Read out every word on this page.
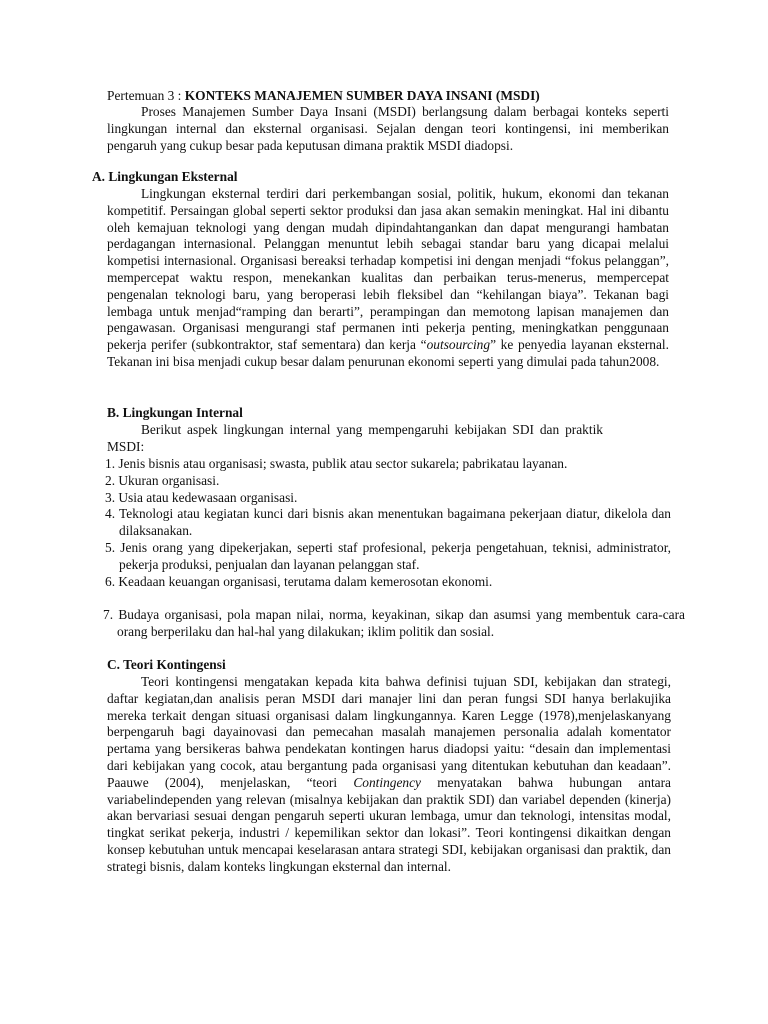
Pertemuan 3 : KONTEKS MANAJEMEN SUMBER DAYA INSANI (MSDI)

Proses Manajemen Sumber Daya Insani (MSDI) berlangsung dalam berbagai konteks seperti lingkungan internal dan eksternal organisasi. Sejalan dengan teori kontingensi, ini memberikan pengaruh yang cukup besar pada keputusan dimana praktik MSDI diadopsi.

A. Lingkungan Eksternal

Lingkungan eksternal terdiri dari perkembangan sosial, politik, hukum, ekonomi dan tekanan kompetitif. Persaingan global seperti sektor produksi dan jasa akan semakin meningkat. Hal ini dibantu oleh kemajuan teknologi yang dengan mudah dipindahtangankan dan dapat mengurangi hambatan perdagangan internasional. Pelanggan menuntut lebih sebagai standar baru yang dicapai melalui kompetisi internasional. Organisasi bereaksi terhadap kompetisi ini dengan menjadi “fokus pelanggan”, mempercepat waktu respon, menekankan kualitas dan perbaikan terus-menerus, mempercepat pengenalan teknologi baru, yang beroperasi lebih fleksibel dan “kehilangan biaya”. Tekanan bagi lembaga untuk menjad“ramping dan berarti”, perampingan dan memotong lapisan manajemen dan pengawasan. Organisasi mengurangi staf permanen inti pekerja penting, meningkatkan penggunaan pekerja perifer (subkontraktor, staf sementara) dan kerja “outsourcing” ke penyedia layanan eksternal. Tekanan ini bisa menjadi cukup besar dalam penurunan ekonomi seperti yang dimulai pada tahun2008.

B. Lingkungan Internal

Berikut aspek lingkungan internal yang mempengaruhi kebijakan SDI dan praktik MSDI:

1. Jenis bisnis atau organisasi; swasta, publik atau sector sukarela; pabrikatau layanan.
2. Ukuran organisasi.
3. Usia atau kedewasaan organisasi.
4. Teknologi atau kegiatan kunci dari bisnis akan menentukan bagaimana pekerjaan diatur, dikelola dan dilaksanakan.
5. Jenis orang yang dipekerjakan, seperti staf profesional, pekerja pengetahuan, teknisi, administrator, pekerja produksi, penjualan dan layanan pelanggan staf.
6. Keadaan keuangan organisasi, terutama dalam kemerosotan ekonomi.

7. Budaya organisasi, pola mapan nilai, norma, keyakinan, sikap dan asumsi yang membentuk cara-cara orang berperilaku dan hal-hal yang dilakukan; iklim politik dan sosial.

C. Teori Kontingensi

Teori kontingensi mengatakan kepada kita bahwa definisi tujuan SDI, kebijakan dan strategi, daftar kegiatan,dan analisis peran MSDI dari manajer lini dan peran fungsi SDI hanya berlakujika mereka terkait dengan situasi organisasi dalam lingkungannya. Karen Legge (1978),menjelaskanyang berpengaruh bagi dayainovasi dan pemecahan masalah manajemen personalia adalah komentator pertama yang bersikeras bahwa pendekatan kontingen harus diadopsi yaitu: “desain dan implementasi dari kebijakan yang cocok, atau bergantung pada organisasi yang ditentukan kebutuhan dan keadaan”. Paauwe (2004), menjelaskan, “teori Contingency menyatakan bahwa hubungan antara variabelindependen yang relevan (misalnya kebijakan dan praktik SDI) dan variabel dependen (kinerja) akan bervariasi sesuai dengan pengaruh seperti ukuran lembaga, umur dan teknologi, intensitas modal, tingkat serikat pekerja, industri / kepemilikan sektor dan lokasi”. Teori kontingensi dikaitkan dengan konsep kebutuhan untuk mencapai keselarasan antara strategi SDI, kebijakan organisasi dan praktik, dan strategi bisnis, dalam konteks lingkungan eksternal dan internal.
